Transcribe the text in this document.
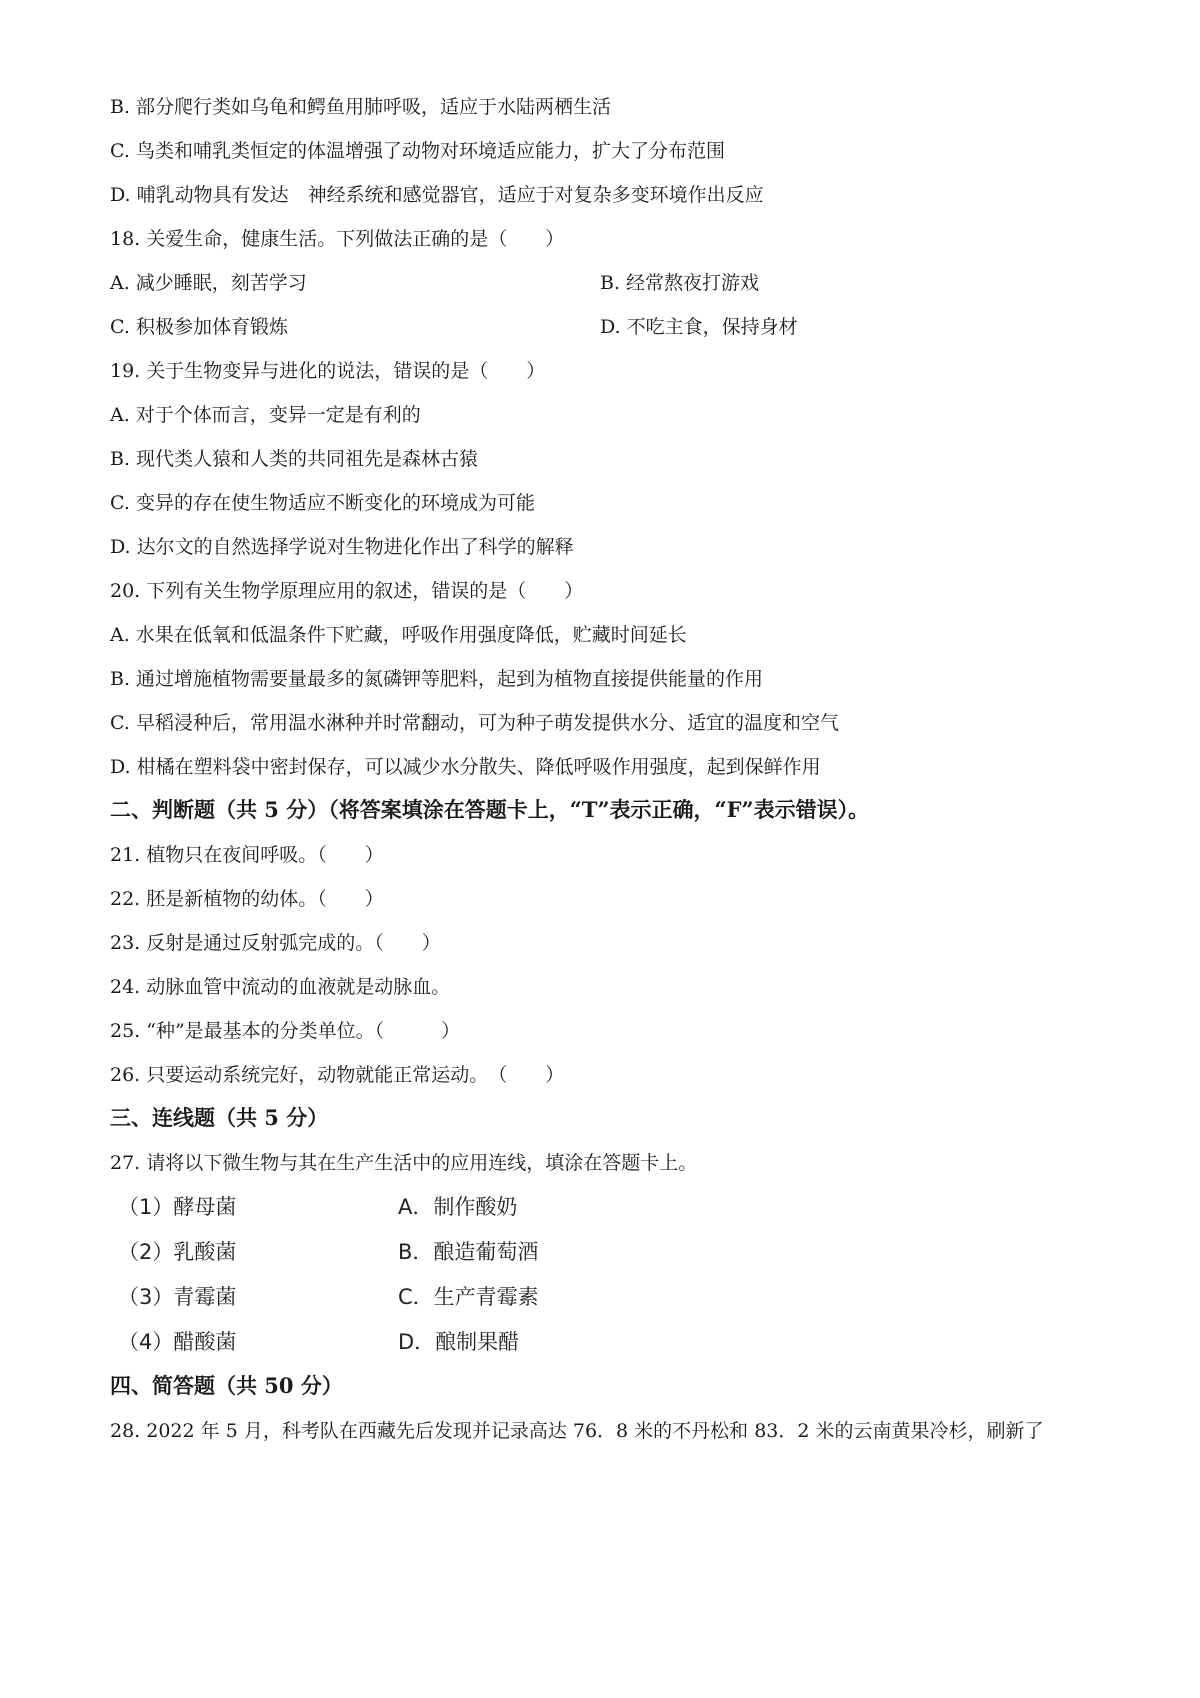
B. 部分爬行类如乌龟和鳄鱼用肺呼吸，适应于水陆两栖生活
C. 鸟类和哺乳类恒定的体温增强了动物对环境适应能力，扩大了分布范围
D. 哺乳动物具有发达　神经系统和感觉器官，适应于对复杂多变环境作出反应
18. 关爱生命，健康生活。下列做法正确的是（　　）
A. 减少睡眠，刻苦学习	B. 经常熬夜打游戏
C. 积极参加体育锻炼	D. 不吃主食，保持身材
19. 关于生物变异与进化的说法，错误的是（　　）
A. 对于个体而言，变异一定是有利的
B. 现代类人猿和人类的共同祖先是森林古猿
C. 变异的存在使生物适应不断变化的环境成为可能
D. 达尔文的自然选择学说对生物进化作出了科学的解释
20. 下列有关生物学原理应用的叙述，错误的是（　　）
A. 水果在低氧和低温条件下贮藏，呼吸作用强度降低，贮藏时间延长
B. 通过增施植物需要量最多的氮磷钾等肥料，起到为植物直接提供能量的作用
C. 早稻浸种后，常用温水淋种并时常翻动，可为种子萌发提供水分、适宜的温度和空气
D. 柑橘在塑料袋中密封保存，可以减少水分散失、降低呼吸作用强度，起到保鲜作用
二、判断题（共 5 分）（将答案填涂在答题卡上，“T”表示正确，“F”表示错误）。
21. 植物只在夜间呼吸。（　　）
22. 胚是新植物的幼体。（　　）
23. 反射是通过反射弧完成的。（　　）
24. 动脉血管中流动的血液就是动脉血。
25. “种”是最基本的分类单位。（　　　）
26. 只要运动系统完好，动物就能正常运动。　（　　）
三、连线题（共 5 分）
27. 请将以下微生物与其在生产生活中的应用连线，填涂在答题卡上。
（1）酵母菌	A．制作酸奶
（2）乳酸菌	B．酿造葡萄酒
（3）青霉菌	C．生产青霉素
（4）醋酸菌	D．酿制果醋
四、简答题（共 50 分）
28. 2022 年 5 月，科考队在西藏先后发现并记录高达 76．8 米的不丹松和 83．2 米的云南黄果冷杉，刷新了
